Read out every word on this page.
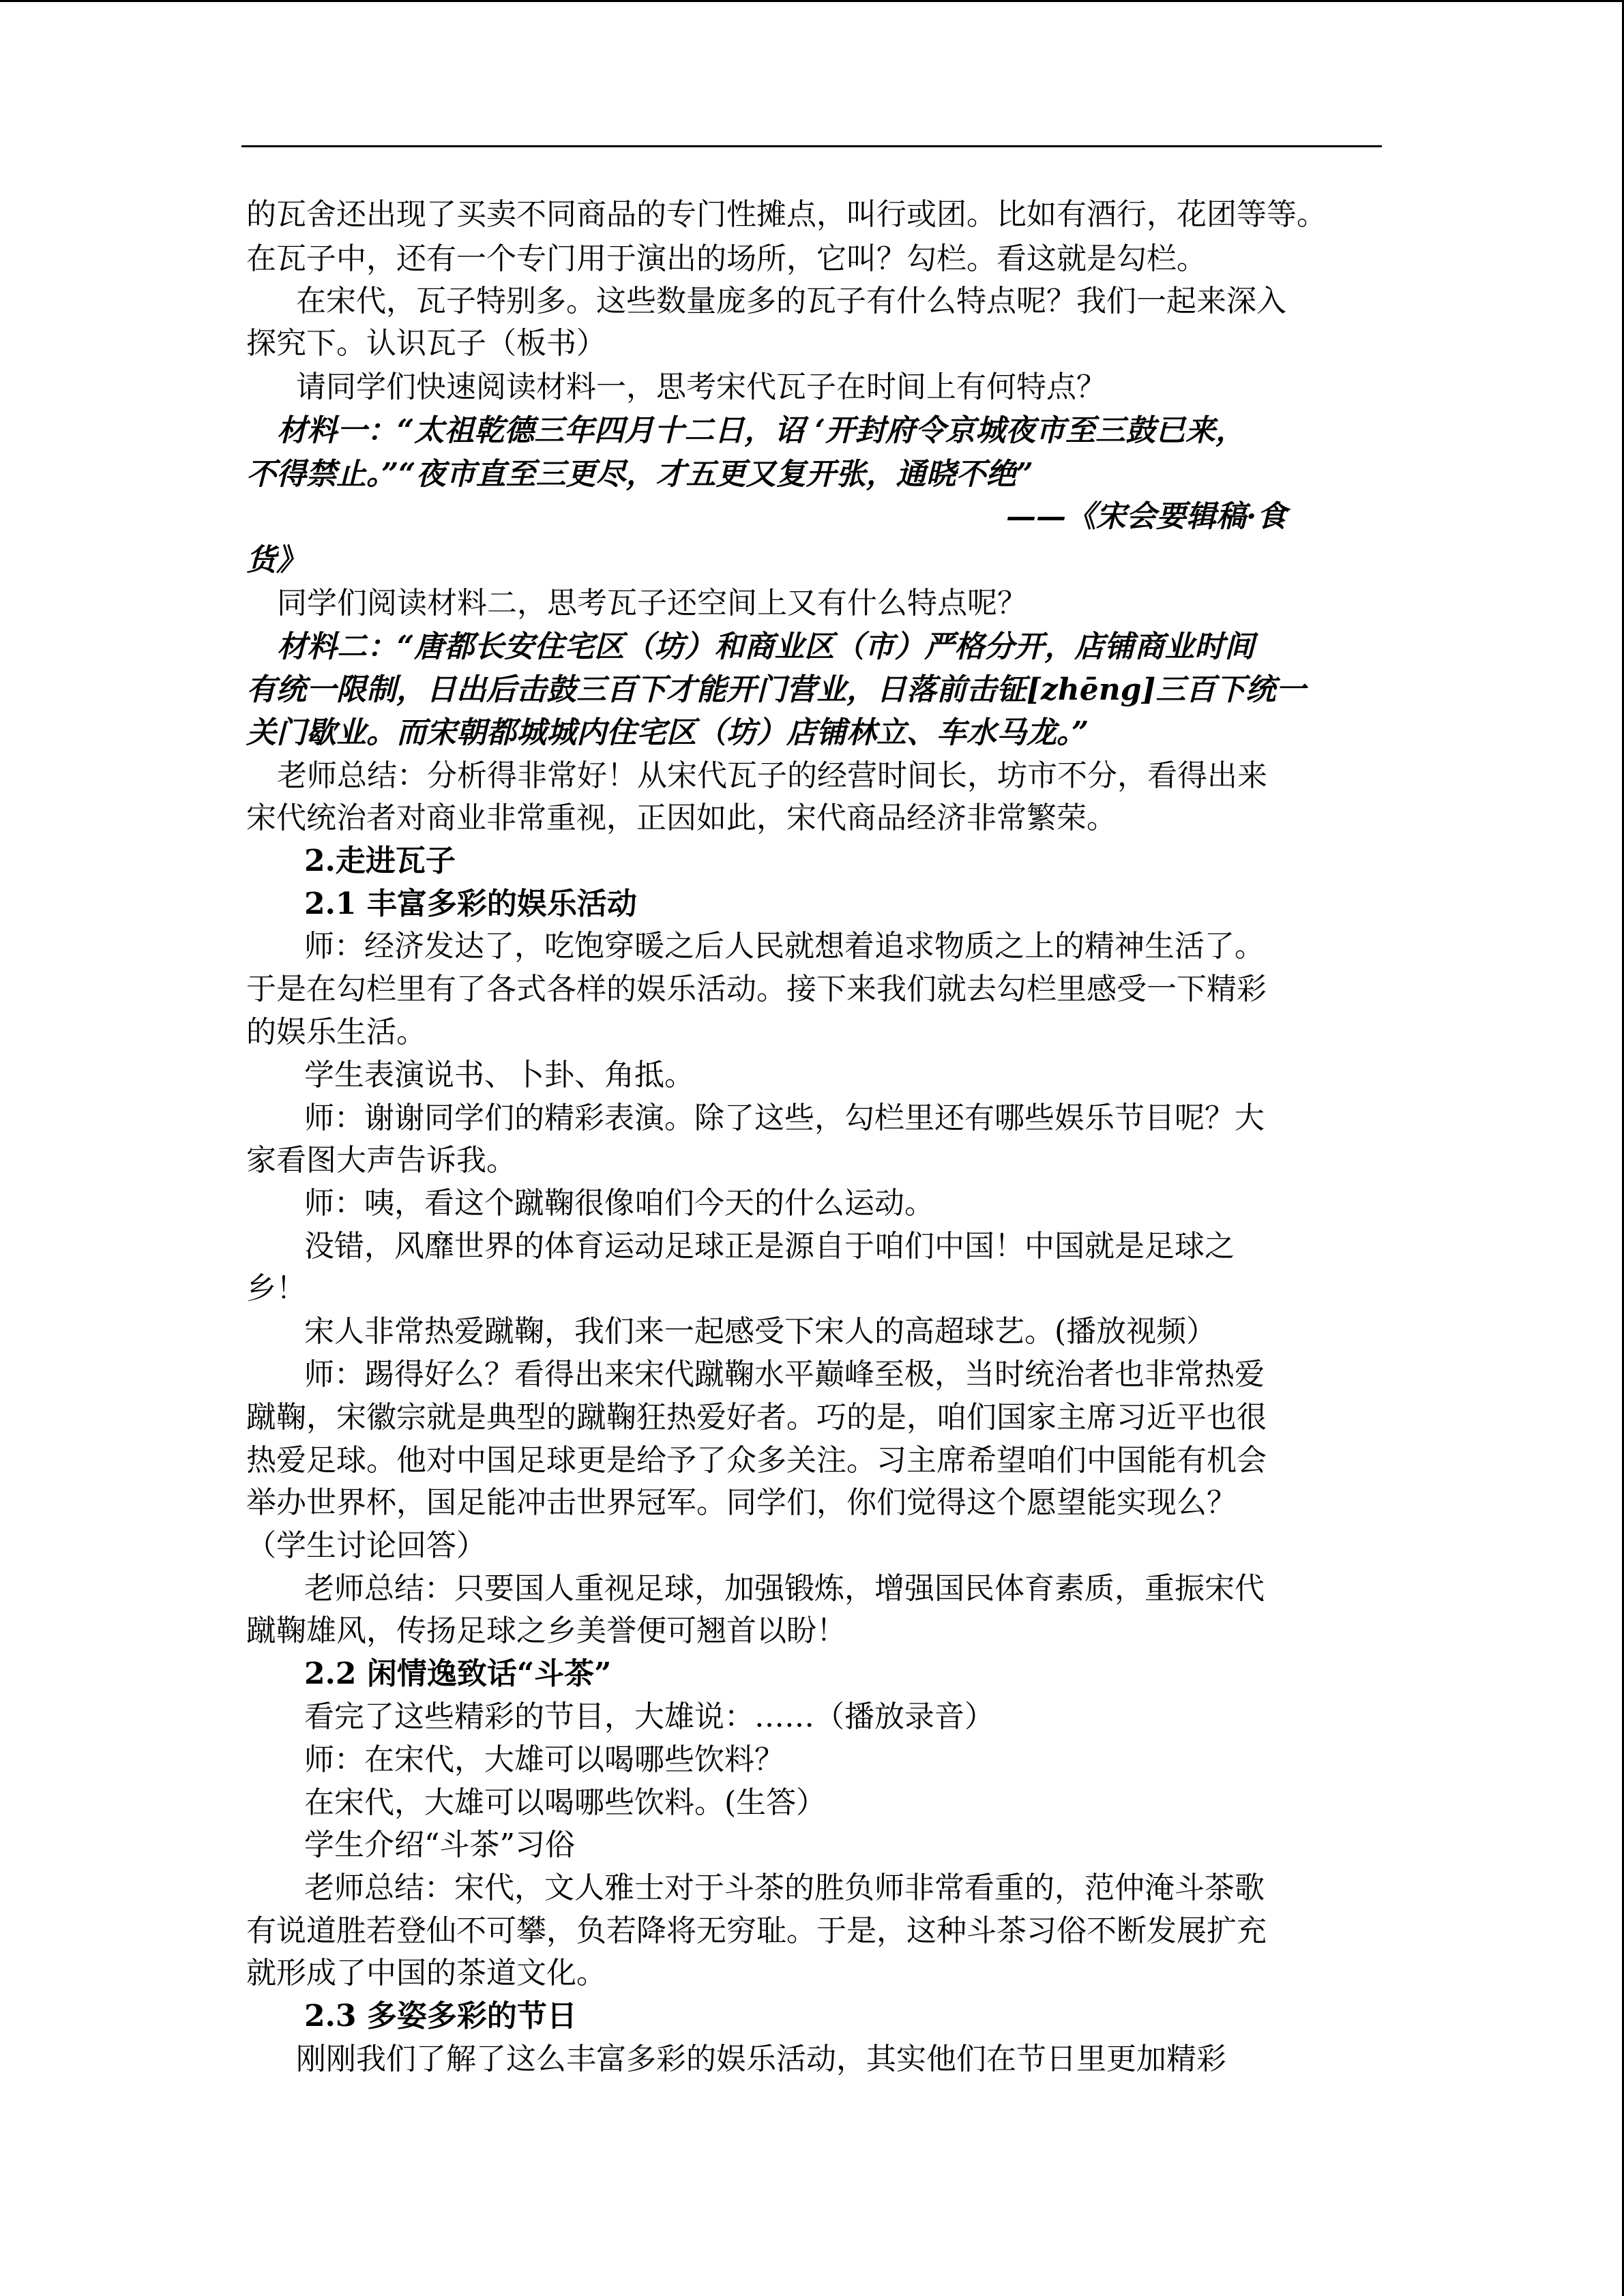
的瓦舍还出现了买卖不同商品的专门性摊点，叫行或团。比如有酒行，花团等等。
在瓦子中，还有一个专门用于演出的场所，它叫？勾栏。看这就是勾栏。
在宋代，瓦子特别多。这些数量庞多的瓦子有什么特点呢？我们一起来深入
探究下。认识瓦子（板书）
请同学们快速阅读材料一，思考宋代瓦子在时间上有何特点？
材料一：“太祖乾德三年四月十二日，诏 ‘开封府令京城夜市至三鼓已来，
不得禁止。”“夜市直至三更尽，才五更又复开张，通晓不绝”
——《宋会要辑稿·食
货》
同学们阅读材料二，思考瓦子还空间上又有什么特点呢？
材料二：“唐都长安住宅区（坊）和商业区（市）严格分开，店铺商业时间
有统一限制，日出后击鼓三百下才能开门营业，日落前击钲[zhēng]三百下统一
关门歇业。而宋朝都城城内住宅区（坊）店铺林立、车水马龙。”
老师总结：分析得非常好！从宋代瓦子的经营时间长，坊市不分，看得出来
宋代统治者对商业非常重视，正因如此，宋代商品经济非常繁荣。
2.走进瓦子
2.1 丰富多彩的娱乐活动
师：经济发达了，吃饱穿暖之后人民就想着追求物质之上的精神生活了。
于是在勾栏里有了各式各样的娱乐活动。接下来我们就去勾栏里感受一下精彩
的娱乐生活。
学生表演说书、卜卦、角抵。
师：谢谢同学们的精彩表演。除了这些，勾栏里还有哪些娱乐节目呢？大
家看图大声告诉我。
师：咦，看这个蹴鞠很像咱们今天的什么运动。
没错，风靡世界的体育运动足球正是源自于咱们中国！中国就是足球之
乡！
宋人非常热爱蹴鞠，我们来一起感受下宋人的高超球艺。(播放视频）
师：踢得好么？看得出来宋代蹴鞠水平巅峰至极，当时统治者也非常热爱
蹴鞠，宋徽宗就是典型的蹴鞠狂热爱好者。巧的是，咱们国家主席习近平也很
热爱足球。他对中国足球更是给予了众多关注。习主席希望咱们中国能有机会
举办世界杯，国足能冲击世界冠军。同学们，你们觉得这个愿望能实现么？
（学生讨论回答）
老师总结：只要国人重视足球，加强锻炼，增强国民体育素质，重振宋代
蹴鞠雄风，传扬足球之乡美誉便可翘首以盼！
2.2 闲情逸致话“斗茶”
看完了这些精彩的节目，大雄说：……（播放录音）
师：在宋代，大雄可以喝哪些饮料？
在宋代，大雄可以喝哪些饮料。(生答）
学生介绍“斗茶”习俗
老师总结：宋代，文人雅士对于斗茶的胜负师非常看重的，范仲淹斗茶歌
有说道胜若登仙不可攀，负若降将无穷耻。于是，这种斗茶习俗不断发展扩充
就形成了中国的茶道文化。
2.3 多姿多彩的节日
刚刚我们了解了这么丰富多彩的娱乐活动，其实他们在节日里更加精彩
